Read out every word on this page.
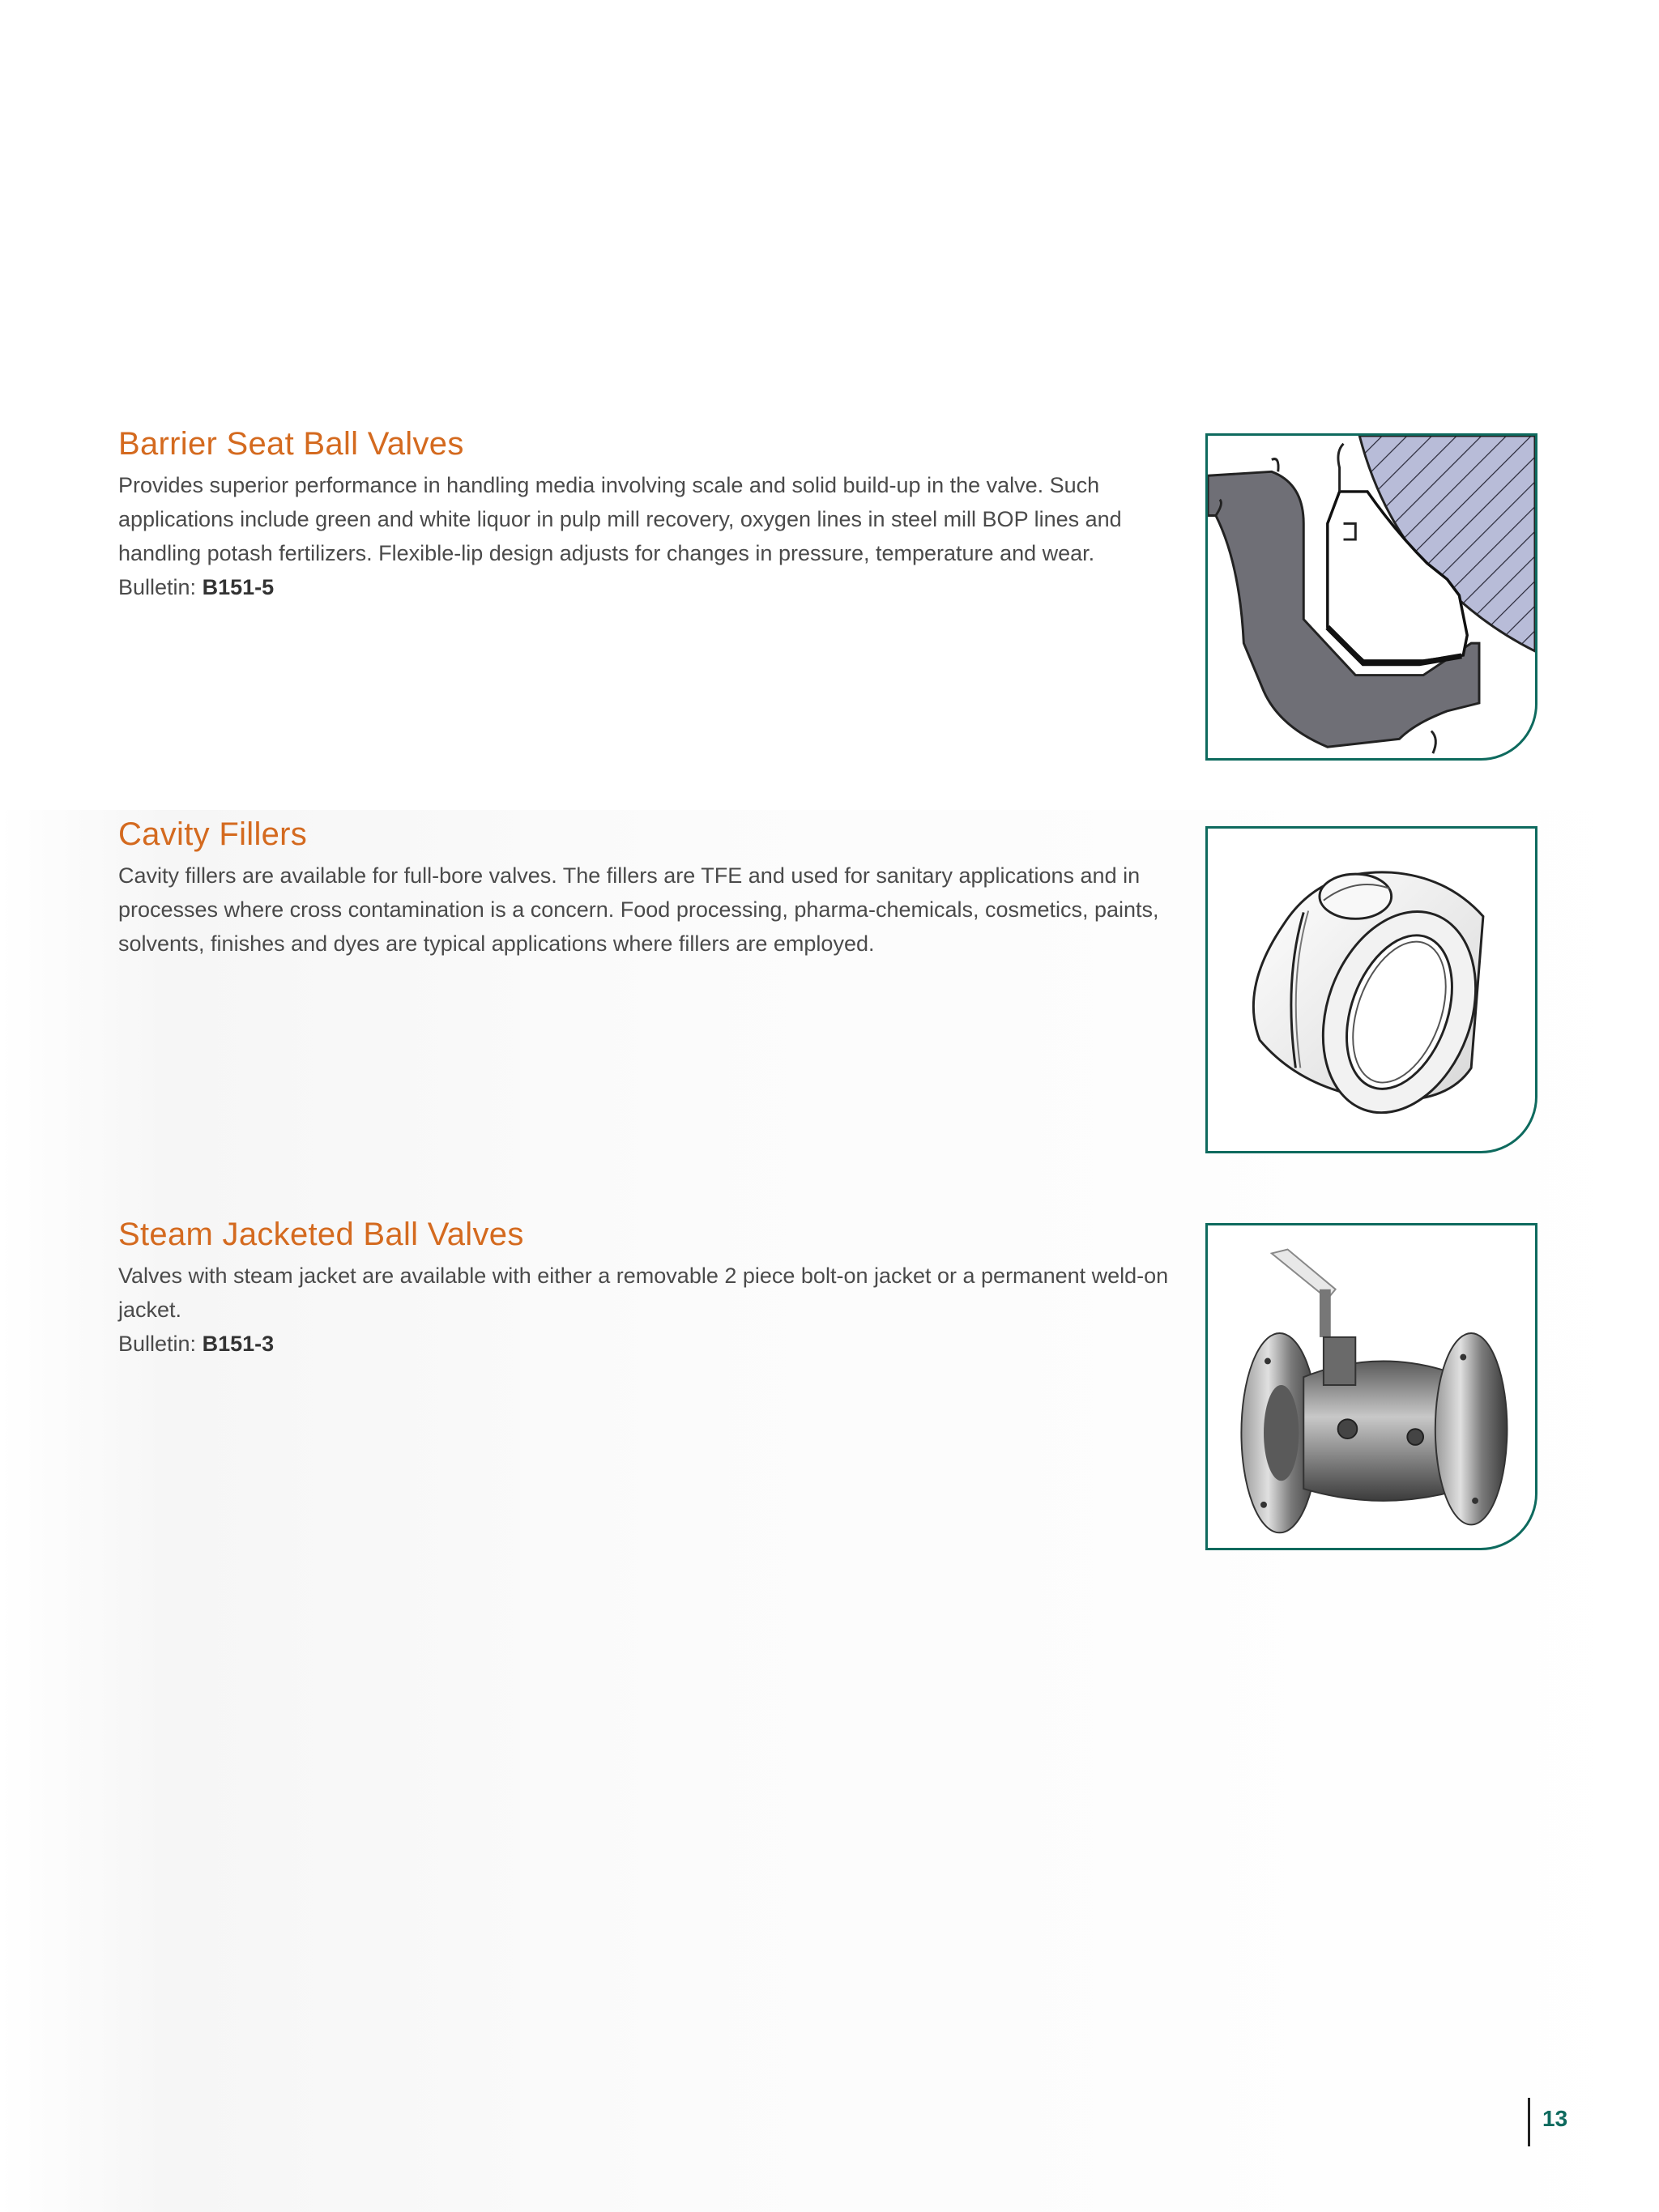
Barrier Seat Ball Valves

Provides superior performance in handling media involving scale and solid build-up in the valve. Such applications include green and white liquor in pulp mill recovery, oxygen lines in steel mill BOP lines and handling potash fertilizers. Flexible-lip design adjusts for changes in pressure, temperature and wear.

Bulletin: B151-5
Cavity Fillers

Cavity fillers are available for full-bore valves. The fillers are TFE and used for sanitary applications and in processes where cross contamination is a concern. Food processing, pharma-chemicals, cosmetics, paints, solvents, finishes and dyes are typical applications where fillers are employed.

Steam Jacketed Ball Valves

Valves with steam jacket are available with either a removable 2 piece bolt-on jacket or a permanent weld-on jacket.

Bulletin: B151-3
13
